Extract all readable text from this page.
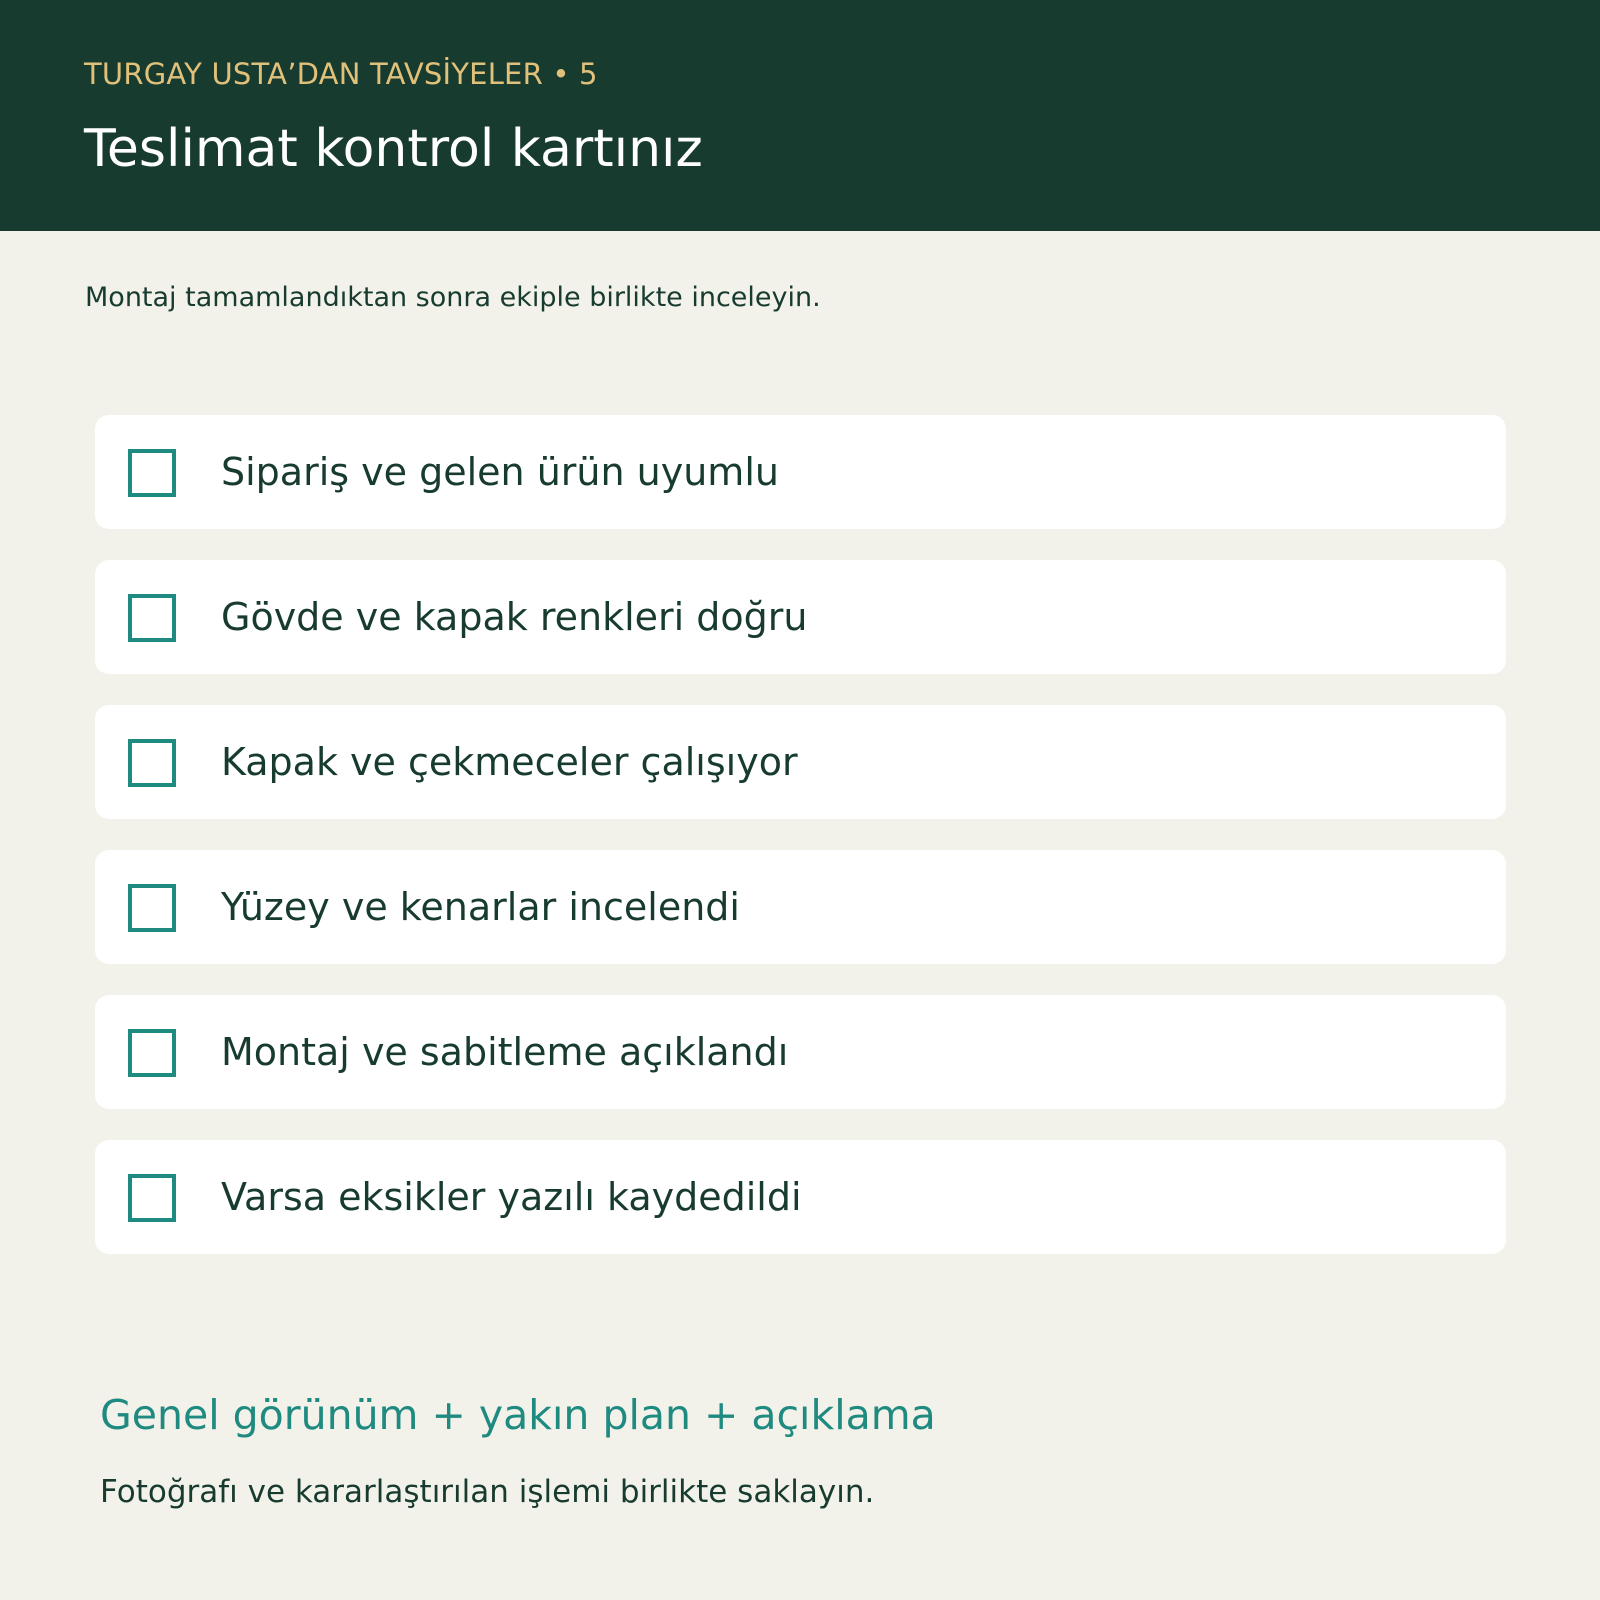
TURGAY USTA’DAN TAVSİYELER • 5
Teslimat kontrol kartınız

Montaj tamamlandıktan sonra ekiple birlikte inceleyin.

Sipariş ve gelen ürün uyumlu
Gövde ve kapak renkleri doğru
Kapak ve çekmeceler çalışıyor
Yüzey ve kenarlar incelendi
Montaj ve sabitleme açıklandı
Varsa eksikler yazılı kaydedildi
Genel görünüm + yakın plan + açıklama
Fotoğrafı ve kararlaştırılan işlemi birlikte saklayın.
